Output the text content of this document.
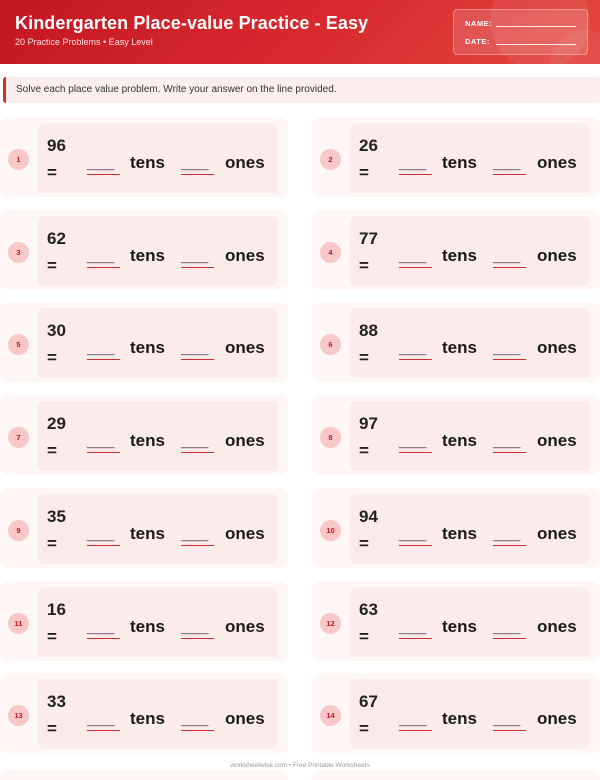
Kindergarten Place-value Practice - Easy
20 Practice Problems • Easy Level
NAME:
DATE:
Solve each place value problem. Write your answer on the line provided.
1
96
=
___ tens ___ ones	2
26
=
___ tens ___ ones
3
62
=
___ tens ___ ones	4
77
=
___ tens ___ ones
5
30
=
___ tens ___ ones	6
88
=
___ tens ___ ones
7
29
=
___ tens ___ ones	8
97
=
___ tens ___ ones
9
35
=
___ tens ___ ones	10
94
=
___ tens ___ ones
11
16
=
___ tens ___ ones	12
63
=
___ tens ___ ones
13
33
=
___ tens ___ ones	14
67
=
___ tens ___ ones
worksheetwise.com • Free Printable Worksheets
